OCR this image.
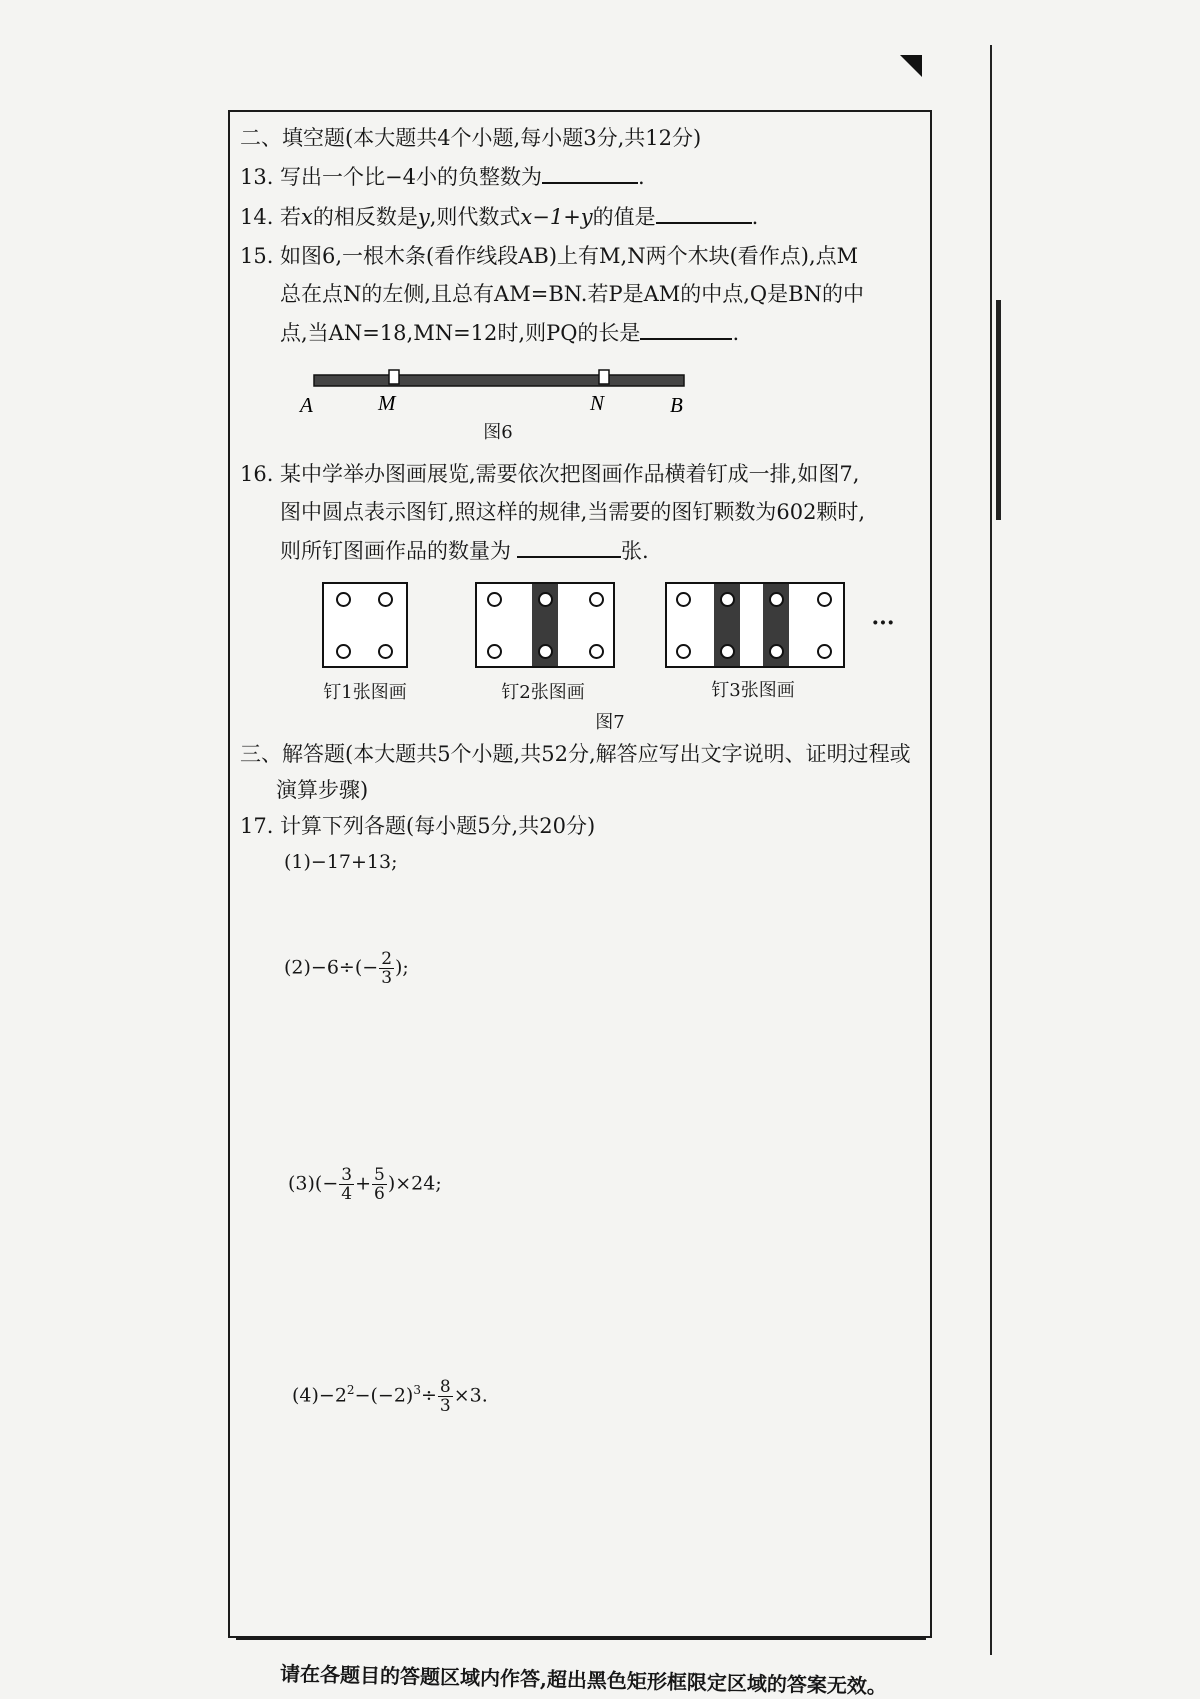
二、填空题(本大题共4个小题,每小题3分,共12分)
13. 写出一个比−4小的负整数为	.
14. 若x的相反数是y,则代数式x−1+y的值是	.
15. 如图6,一根木条(看作线段AB)上有M,N两个木块(看作点),点M
总在点N的左侧,且总有AM=BN.若P是AM的中点,Q是BN的中
点,当AN=18,MN=12时,则PQ的长是	.
A	M	N	B
图6
16. 某中学举办图画展览,需要依次把图画作品横着钉成一排,如图7,
图中圆点表示图钉,照这样的规律,当需要的图钉颗数为602颗时,
则所钉图画作品的数量为	张.
钉1张图画	钉2张图画	钉3张图画
···
图7
三、解答题(本大题共5个小题,共52分,解答应写出文字说明、证明过程或
演算步骤)
17. 计算下列各题(每小题5分,共20分)
(1)−17+13;
$(2)-6\div(- \frac{2}{3}$ );
$(3)(- \frac{3}{4} + \frac{5}{6} )\times 24$;
$(4)-2^2-(-2)^3\div \frac{8}{3} \times 3$.
请在各题目的答题区域内作答,超出黑色矩形框限定区域的答案无效。
